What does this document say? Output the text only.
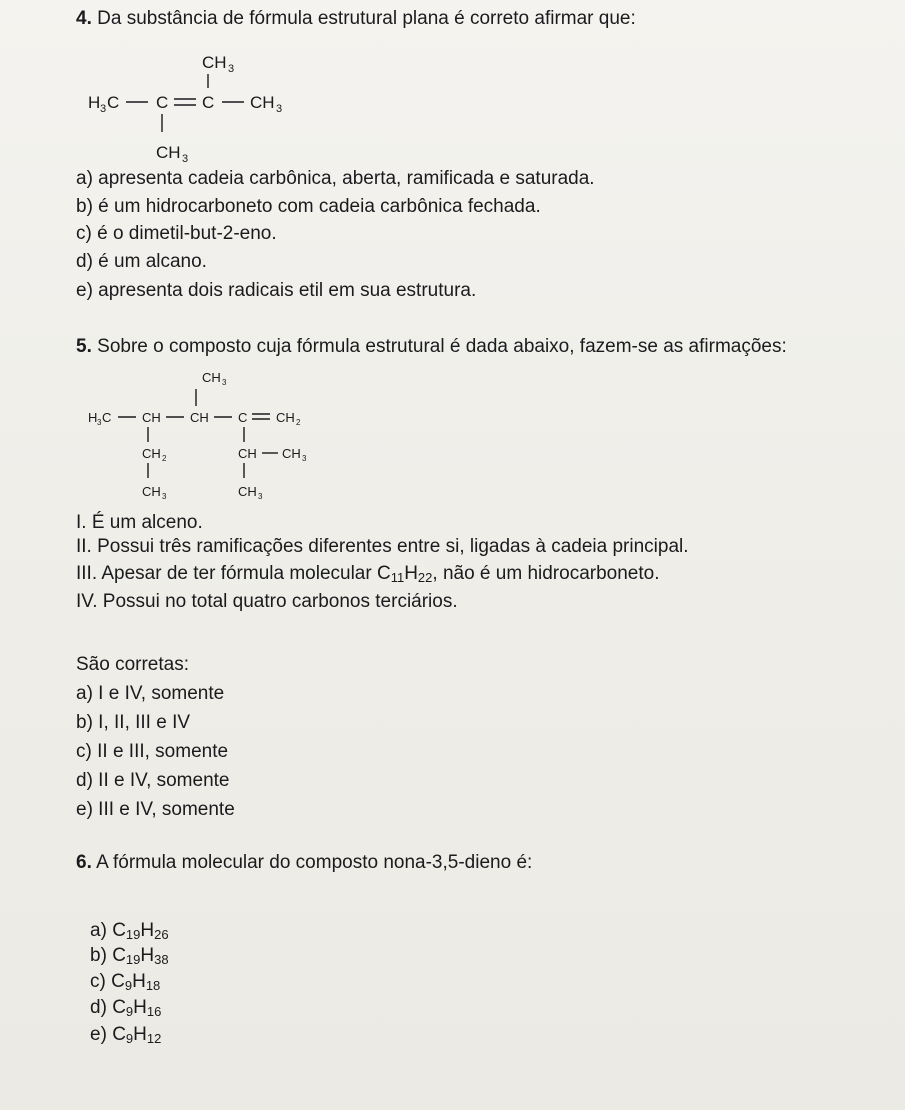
4. Da substância de fórmula estrutural plana é correto afirmar que:
H 3 C C C CH 3
CH 3
CH 3
a) apresenta cadeia carbônica, aberta, ramificada e saturada.
b) é um hidrocarboneto com cadeia carbônica fechada.
c) é o dimetil-but-2-eno.
d) é um alcano.
e) apresenta dois radicais etil em sua estrutura.
5. Sobre o composto cuja fórmula estrutural é dada abaixo, fazem-se as afirmações:
H 3 C CH CH C CH 2
CH 3
CH 2
CH 3
CH CH 3
CH 3
I. É um alceno.
II. Possui três ramificações diferentes entre si, ligadas à cadeia principal.
III. Apesar de ter fórmula molecular $C_{11}H_{22}$, não é um hidrocarboneto.
IV. Possui no total quatro carbonos terciários.
São corretas:
a) I e IV, somente
b) I, II, III e IV
c) II e III, somente
d) II e IV, somente
e) III e IV, somente
6. A fórmula molecular do composto nona-3,5-dieno é:
a) $C_{19}H_{26}$
b) $C_{19}H_{38}$
c) $C_9H_{18}$
d) $C_9H_{16}$
e) $C_9H_{12}$
